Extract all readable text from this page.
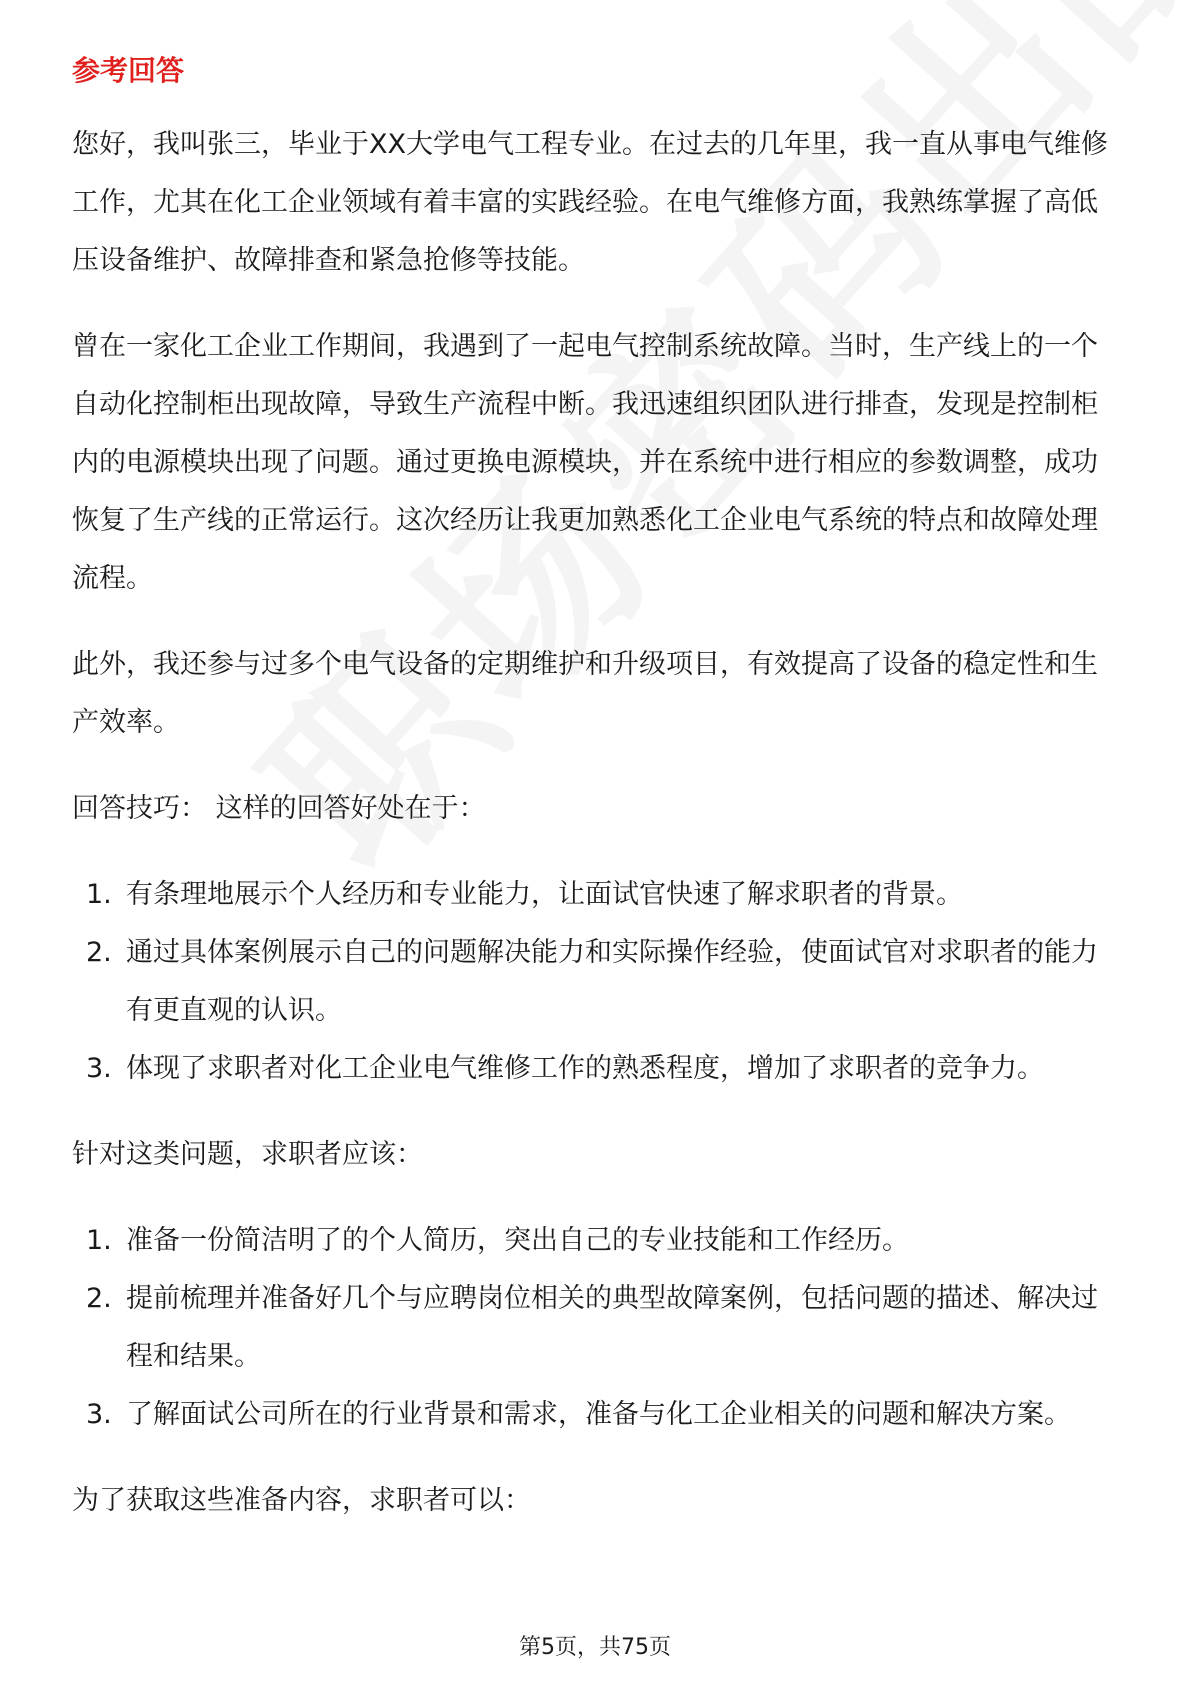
参考回答

您好，我叫张三，毕业于XX大学电气工程专业。在过去的几年里，我一直从事电气维修工作，尤其在化工企业领域有着丰富的实践经验。在电气维修方面，我熟练掌握了高低压设备维护、故障排查和紧急抢修等技能。

曾在一家化工企业工作期间，我遇到了一起电气控制系统故障。当时，生产线上的一个自动化控制柜出现故障，导致生产流程中断。我迅速组织团队进行排查，发现是控制柜内的电源模块出现了问题。通过更换电源模块，并在系统中进行相应的参数调整，成功恢复了生产线的正常运行。这次经历让我更加熟悉化工企业电气系统的特点和故障处理流程。

此外，我还参与过多个电气设备的定期维护和升级项目，有效提高了设备的稳定性和生产效率。

回答技巧： 这样的回答好处在于：

1. 有条理地展示个人经历和专业能力，让面试官快速了解求职者的背景。
2. 通过具体案例展示自己的问题解决能力和实际操作经验，使面试官对求职者的能力有更直观的认识。
3. 体现了求职者对化工企业电气维修工作的熟悉程度，增加了求职者的竞争力。

针对这类问题，求职者应该：

1. 准备一份简洁明了的个人简历，突出自己的专业技能和工作经历。
2. 提前梳理并准备好几个与应聘岗位相关的典型故障案例，包括问题的描述、解决过程和结果。
3. 了解面试公司所在的行业背景和需求，准备与化工企业相关的问题和解决方案。

为了获取这些准备内容，求职者可以：

第5页，共75页
